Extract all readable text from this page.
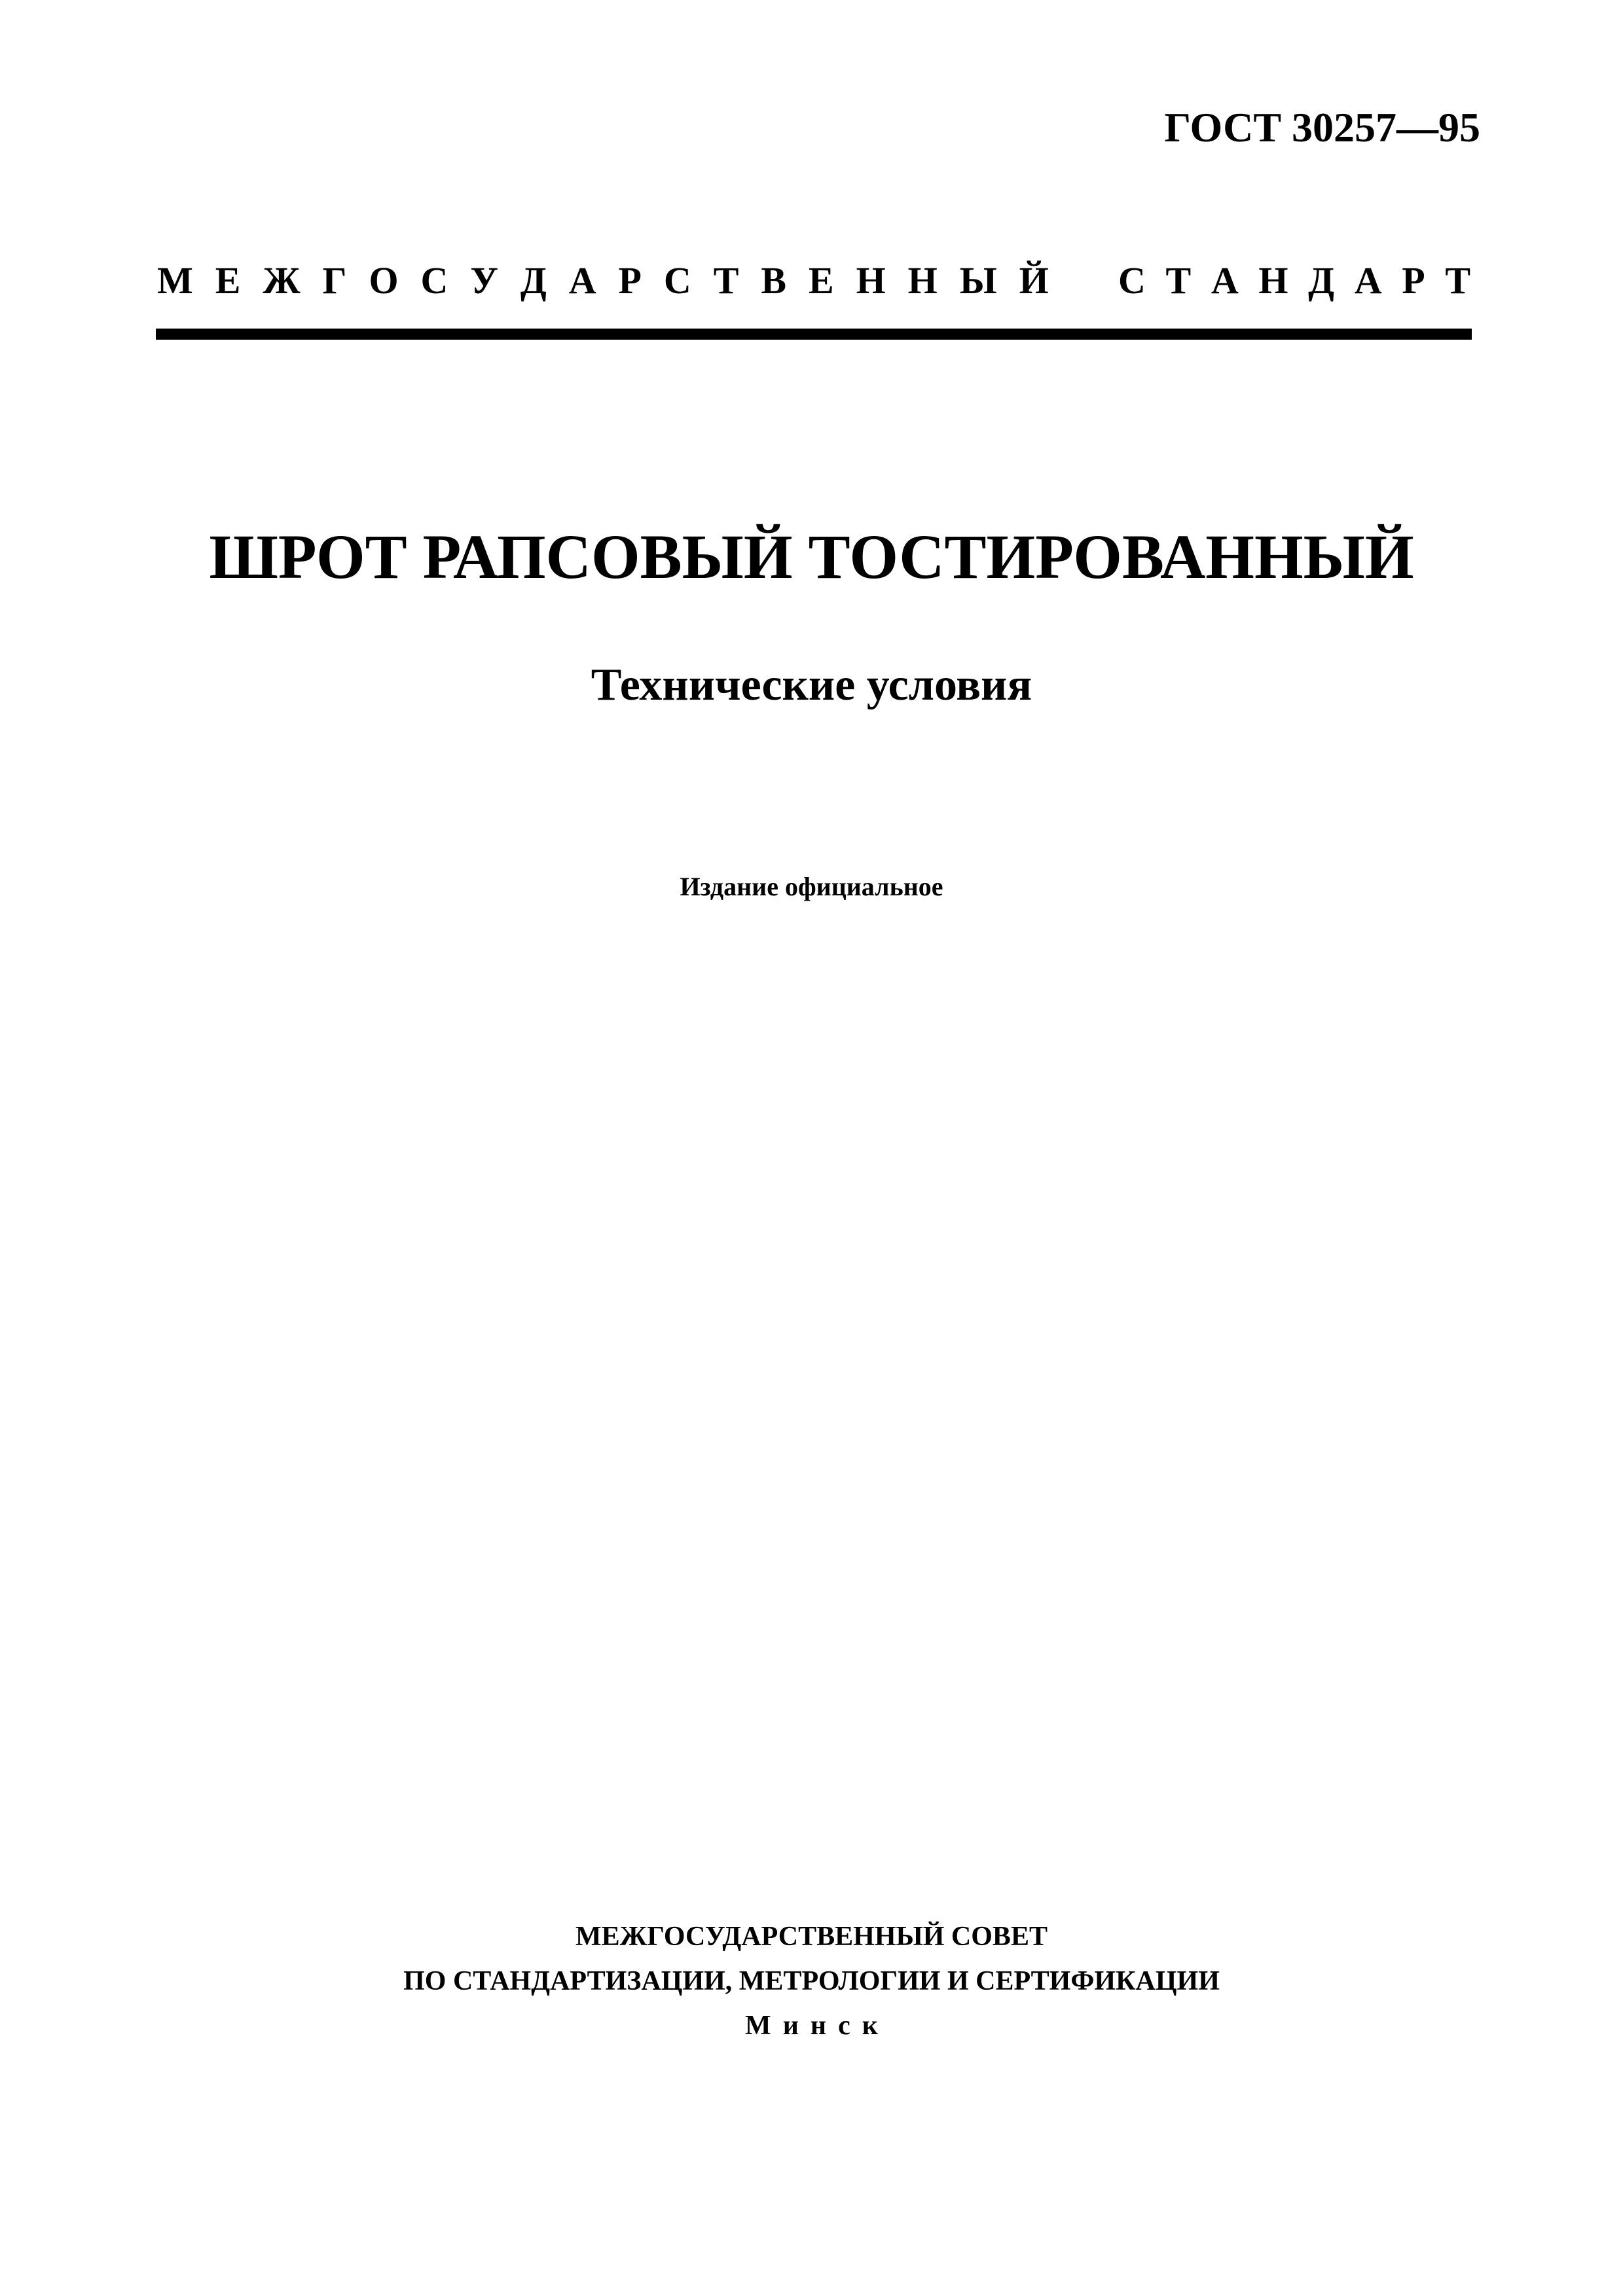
ГОСТ 30257—95
М Е Ж Г О С У Д А Р С Т В Е Н Н Ы Й С Т А Н Д А Р Т
ШРОТ РАПСОВЫЙ ТОСТИРОВАННЫЙ
Технические условия
Издание официальное
МЕЖГОСУДАРСТВЕННЫЙ СОВЕТ
ПО СТАНДАРТИЗАЦИИ, МЕТРОЛОГИИ И СЕРТИФИКАЦИИ
Минск
